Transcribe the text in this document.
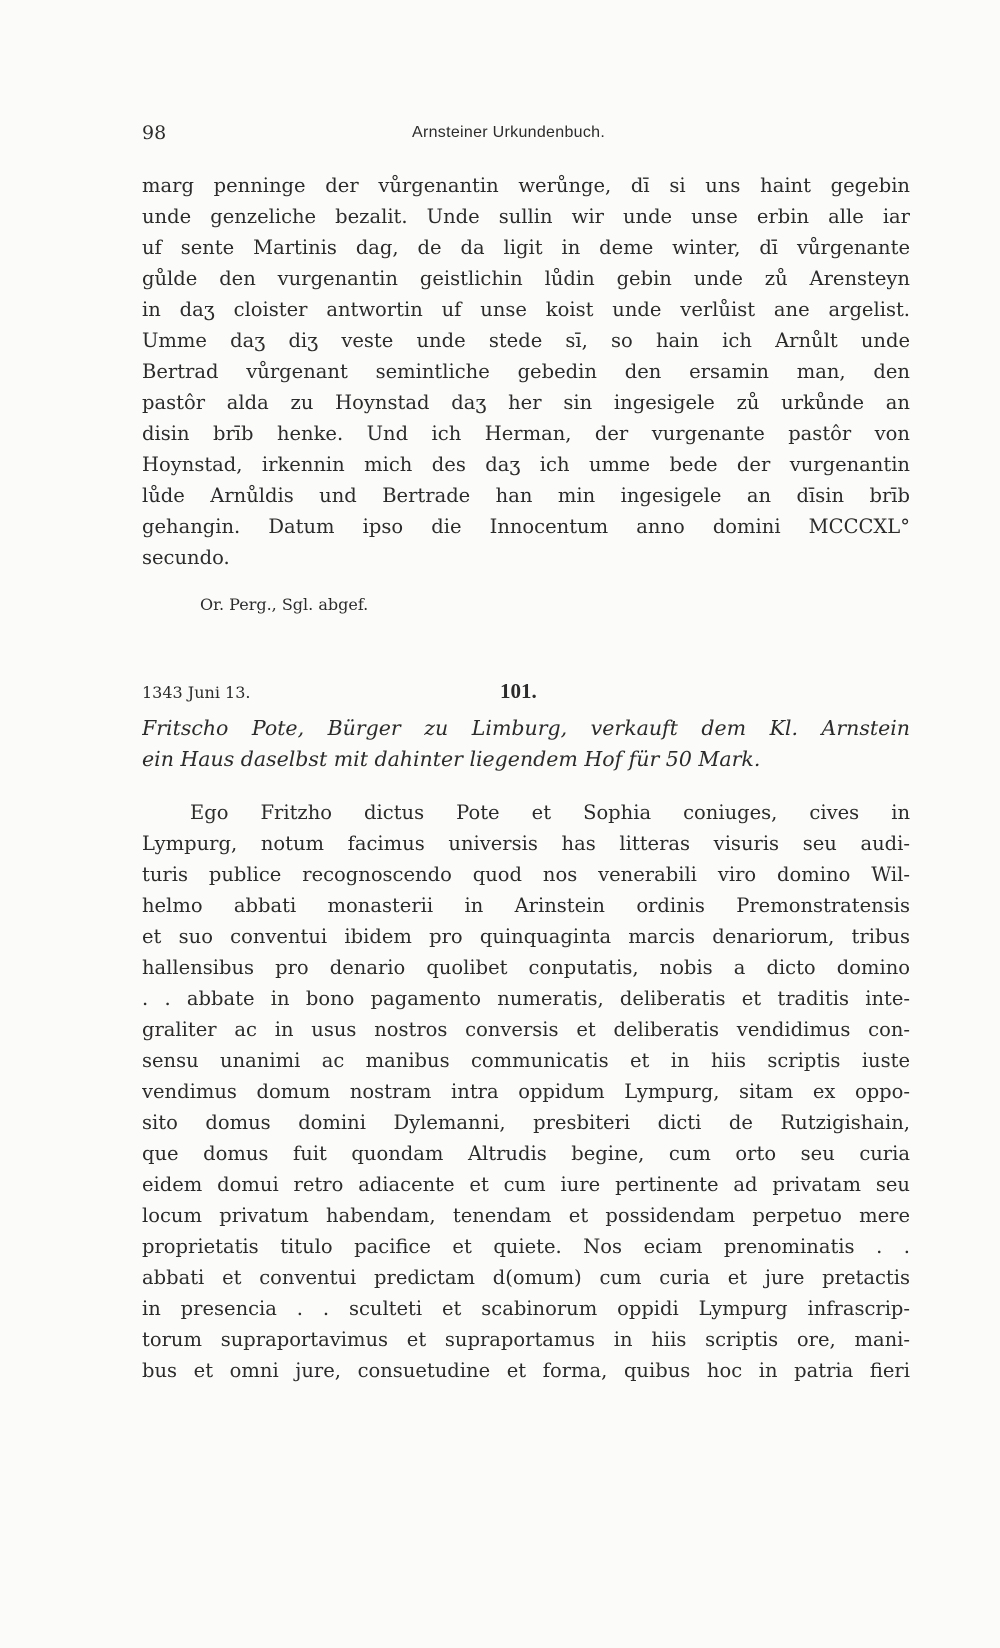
98	Arnsteiner Urkundenbuch.
marg penninge der vůrgenantin werůnge, dī si uns haint gegebin
unde genzeliche bezalit. Unde sullin wir unde unse erbin alle iar
uf sente Martinis dag, de da ligit in deme winter, dī vůrgenante
gůlde den vurgenantin geistlichin lůdin gebin unde zů Arensteyn
in daʒ cloister antwortin uf unse koist unde verlůist ane argelist.
Umme daʒ diʒ veste unde stede sī, so hain ich Arnůlt unde
Bertrad vůrgenant semintliche gebedin den ersamin man, den
pastôr alda zu Hoynstad daʒ her sin ingesigele zů urkůnde an
disin brīb henke. Und ich Herman, der vurgenante pastôr von
Hoynstad, irkennin mich des daʒ ich umme bede der vurgenantin
lůde Arnůldis und Bertrade han min ingesigele an dīsin brīb
gehangin. Datum ipso die Innocentum anno domini MCCCXL°
secundo.
Or. Perg., Sgl. abgef.
1343 Juni 13.	101.
Fritscho Pote, Bürger zu Limburg, verkauft dem Kl. Arnstein
ein Haus daselbst mit dahinter liegendem Hof für 50 Mark.
Ego Fritzho dictus Pote et Sophia coniuges, cives in
Lympurg, notum facimus universis has litteras visuris seu audi-
turis publice recognoscendo quod nos venerabili viro domino Wil-
helmo abbati monasterii in Arinstein ordinis Premonstratensis
et suo conventui ibidem pro quinquaginta marcis denariorum, tribus
hallensibus pro denario quolibet conputatis, nobis a dicto domino
. . abbate in bono pagamento numeratis, deliberatis et traditis inte-
graliter ac in usus nostros conversis et deliberatis vendidimus con-
sensu unanimi ac manibus communicatis et in hiis scriptis iuste
vendimus domum nostram intra oppidum Lympurg, sitam ex oppo-
sito domus domini Dylemanni, presbiteri dicti de Rutzigishain,
que domus fuit quondam Altrudis begine, cum orto seu curia
eidem domui retro adiacente et cum iure pertinente ad privatam seu
locum privatum habendam, tenendam et possidendam perpetuo mere
proprietatis titulo pacifice et quiete. Nos eciam prenominatis . .
abbati et conventui predictam d(omum) cum curia et jure pretactis
in presencia . . sculteti et scabinorum oppidi Lympurg infrascrip-
torum supraportavimus et supraportamus in hiis scriptis ore, mani-
bus et omni jure, consuetudine et forma, quibus hoc in patria fieri
